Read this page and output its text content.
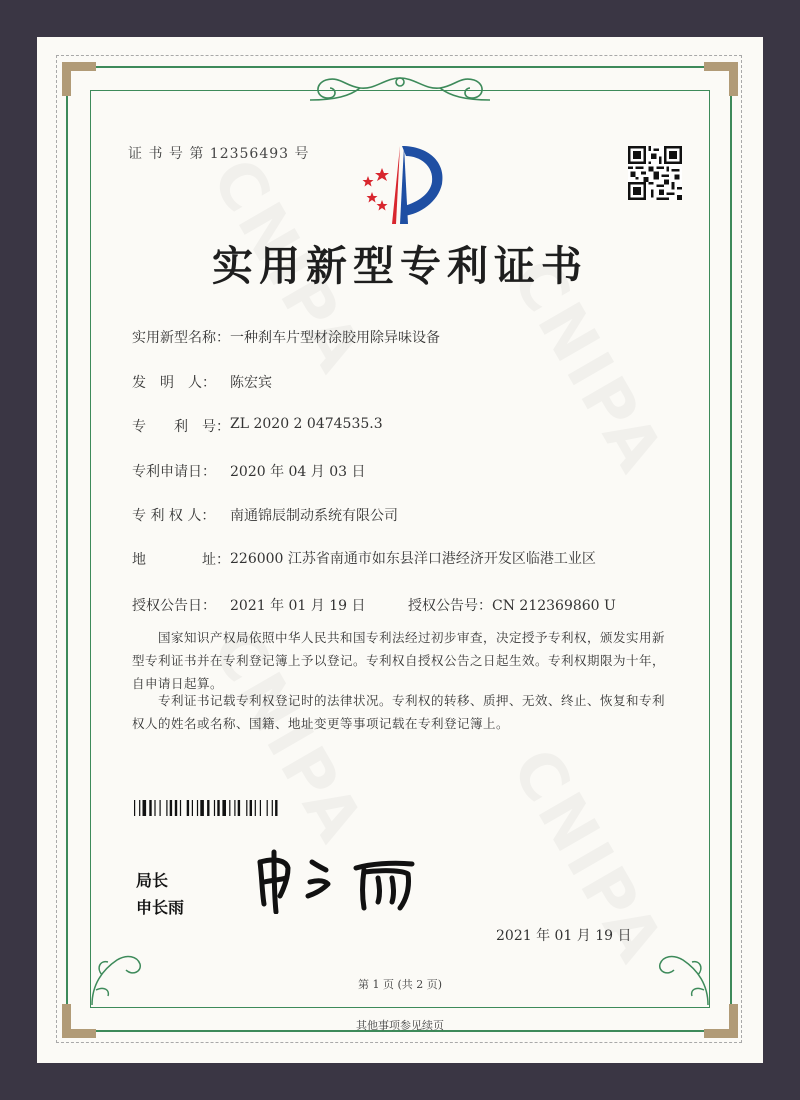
证 书 号 第 12356493 号
实用新型专利证书
实用新型名称：一种刹车片型材涂胶用除异味设备
发　明　人： 陈宏宾
专　　利　号：ZL 2020 2 0474535.3
专利申请日： 2020 年 04 月 03 日
专 利 权 人： 南通锦辰制动系统有限公司
地　　　　址：226000 江苏省南通市如东县洋口港经济开发区临港工业区
授权公告日： 2021 年 01 月 19 日	授权公告号：CN 212369860 U
国家知识产权局依照中华人民共和国专利法经过初步审查，决定授予专利权，颁发实用新型专利证书并在专利登记簿上予以登记。专利权自授权公告之日起生效。专利权期限为十年，自申请日起算。
专利证书记载专利权登记时的法律状况。专利权的转移、质押、无效、终止、恢复和专利权人的姓名或名称、国籍、地址变更等事项记载在专利登记簿上。
局长
申长雨
2021 年 01 月 19 日
第 1 页 (共 2 页)
其他事项参见续页
